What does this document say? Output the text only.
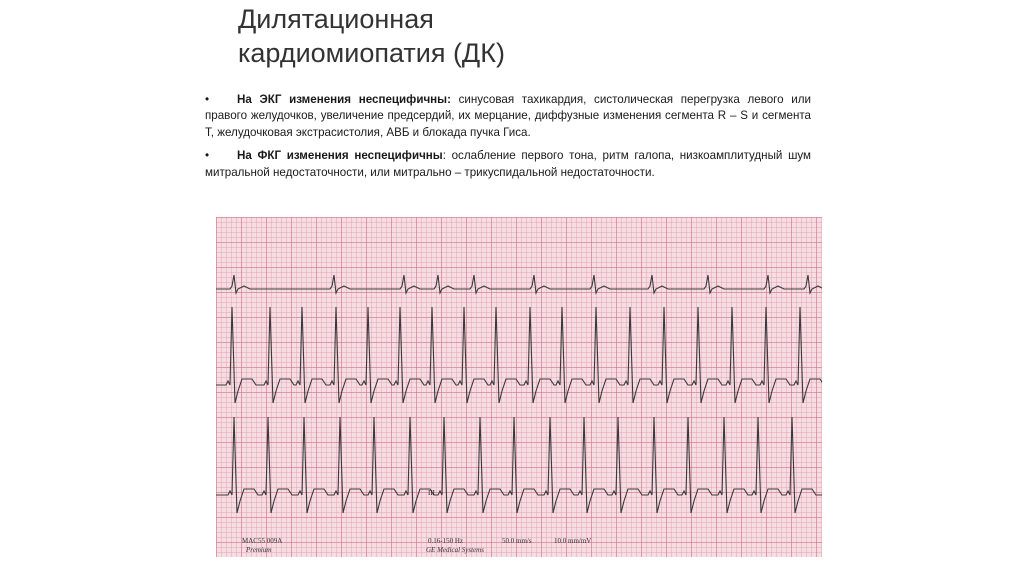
Дилятационная
кардиомиопатия (ДК)
•	На ЭКГ изменения неспецифичны: синусовая тахикардия, систолическая перегрузка левого или правого желудочков, увеличение предсердий, их мерцание, диффузные изменения сегмента R – S и сегмента T, желудочковая экстрасистолия, АВБ и блокада пучка Гиса.
•	На ФКГ изменения неспецифичны: ослабление первого тона, ритм галопа, низкоамплитудный шум митральной недостаточности, или митрально – трикуспидальной недостаточности.
III
MAC55 009A
Premium
0.16-150 Hz	50.0 mm/s	10.0 mm/mV
GE Medical Systems
